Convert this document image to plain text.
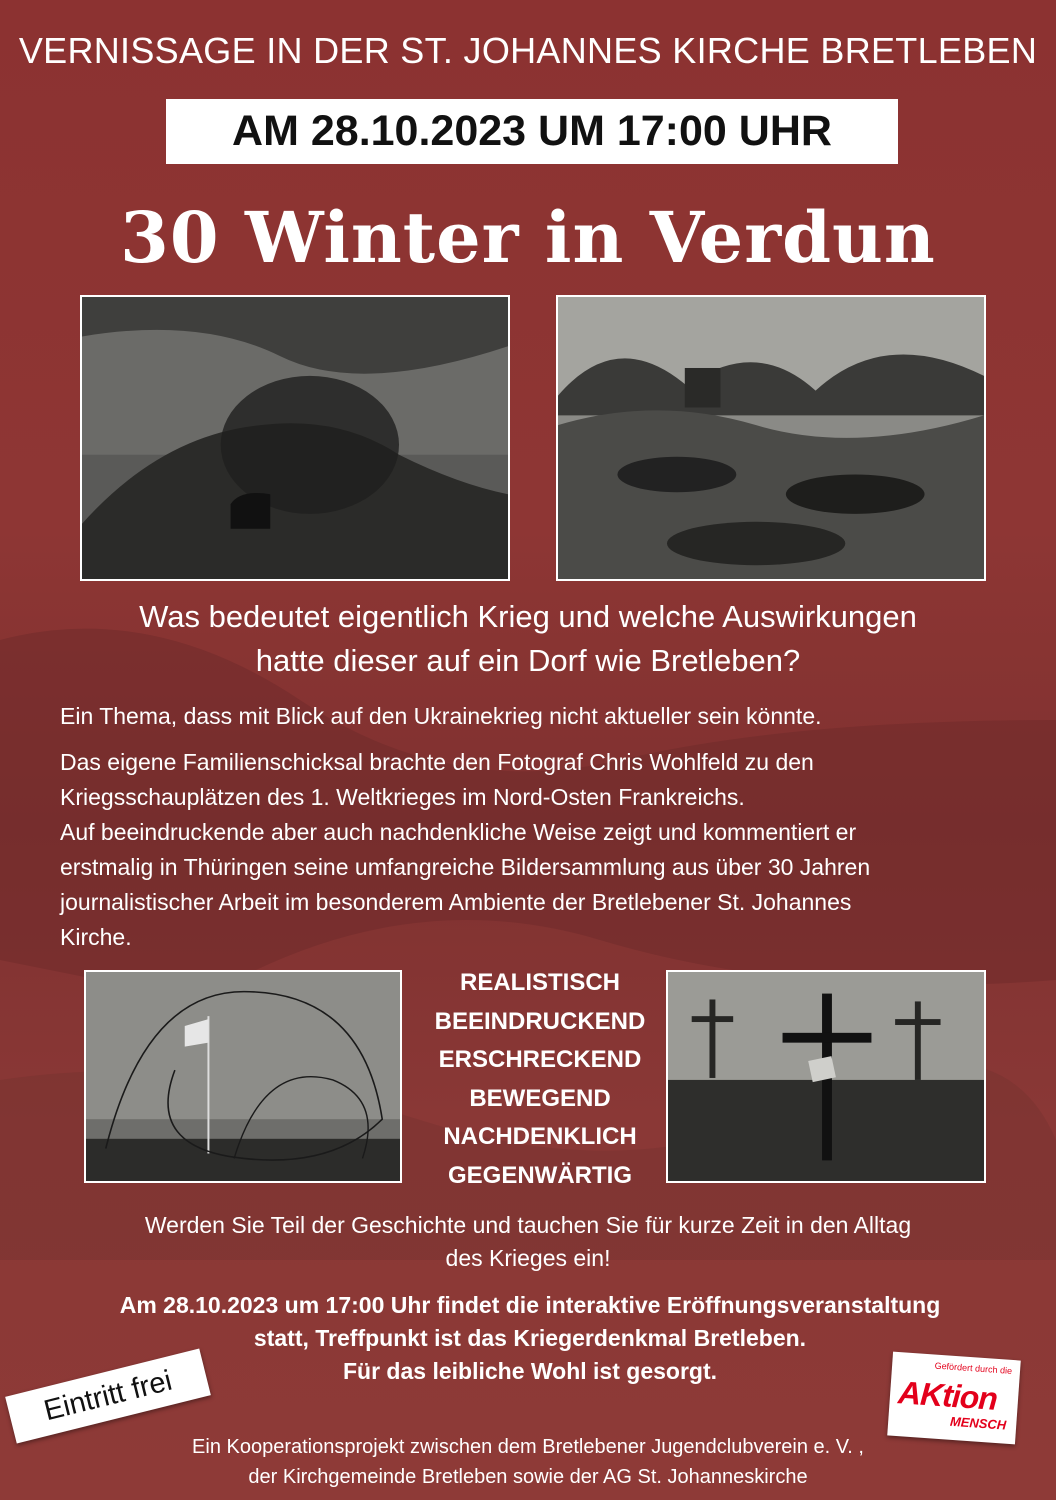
VERNISSAGE IN DER ST. JOHANNES KIRCHE BRETLEBEN
AM 28.10.2023 UM 17:00 UHR
30 Winter in Verdun
Was bedeutet eigentlich Krieg und welche Auswirkungen
hatte dieser auf ein Dorf wie Bretleben?
Ein Thema, dass mit Blick auf den Ukrainekrieg nicht aktueller sein könnte.
Das eigene Familienschicksal brachte den Fotograf Chris Wohlfeld zu den
Kriegsschauplätzen des 1. Weltkrieges im Nord-Osten Frankreichs.
Auf beeindruckende aber auch nachdenkliche Weise zeigt und kommentiert er
erstmalig in Thüringen seine umfangreiche Bildersammlung aus über 30 Jahren
journalistischer Arbeit im besonderem Ambiente der Bretlebener St. Johannes
Kirche.
REALISTISCH
BEEINDRUCKEND
ERSCHRECKEND
BEWEGEND
NACHDENKLICH
GEGENWÄRTIG
Werden Sie Teil der Geschichte und tauchen Sie für kurze Zeit in den Alltag
des Krieges ein!
Am 28.10.2023 um 17:00 Uhr findet die interaktive Eröffnungsveranstaltung
statt, Treffpunkt ist das Kriegerdenkmal Bretleben.
Für das leibliche Wohl ist gesorgt.
Eintritt frei	Gefördert durch die
AKtion
MENSCH
Ein Kooperationsprojekt zwischen dem Bretlebener Jugendclubverein e. V. ,
der Kirchgemeinde Bretleben sowie der AG St. Johanneskirche
